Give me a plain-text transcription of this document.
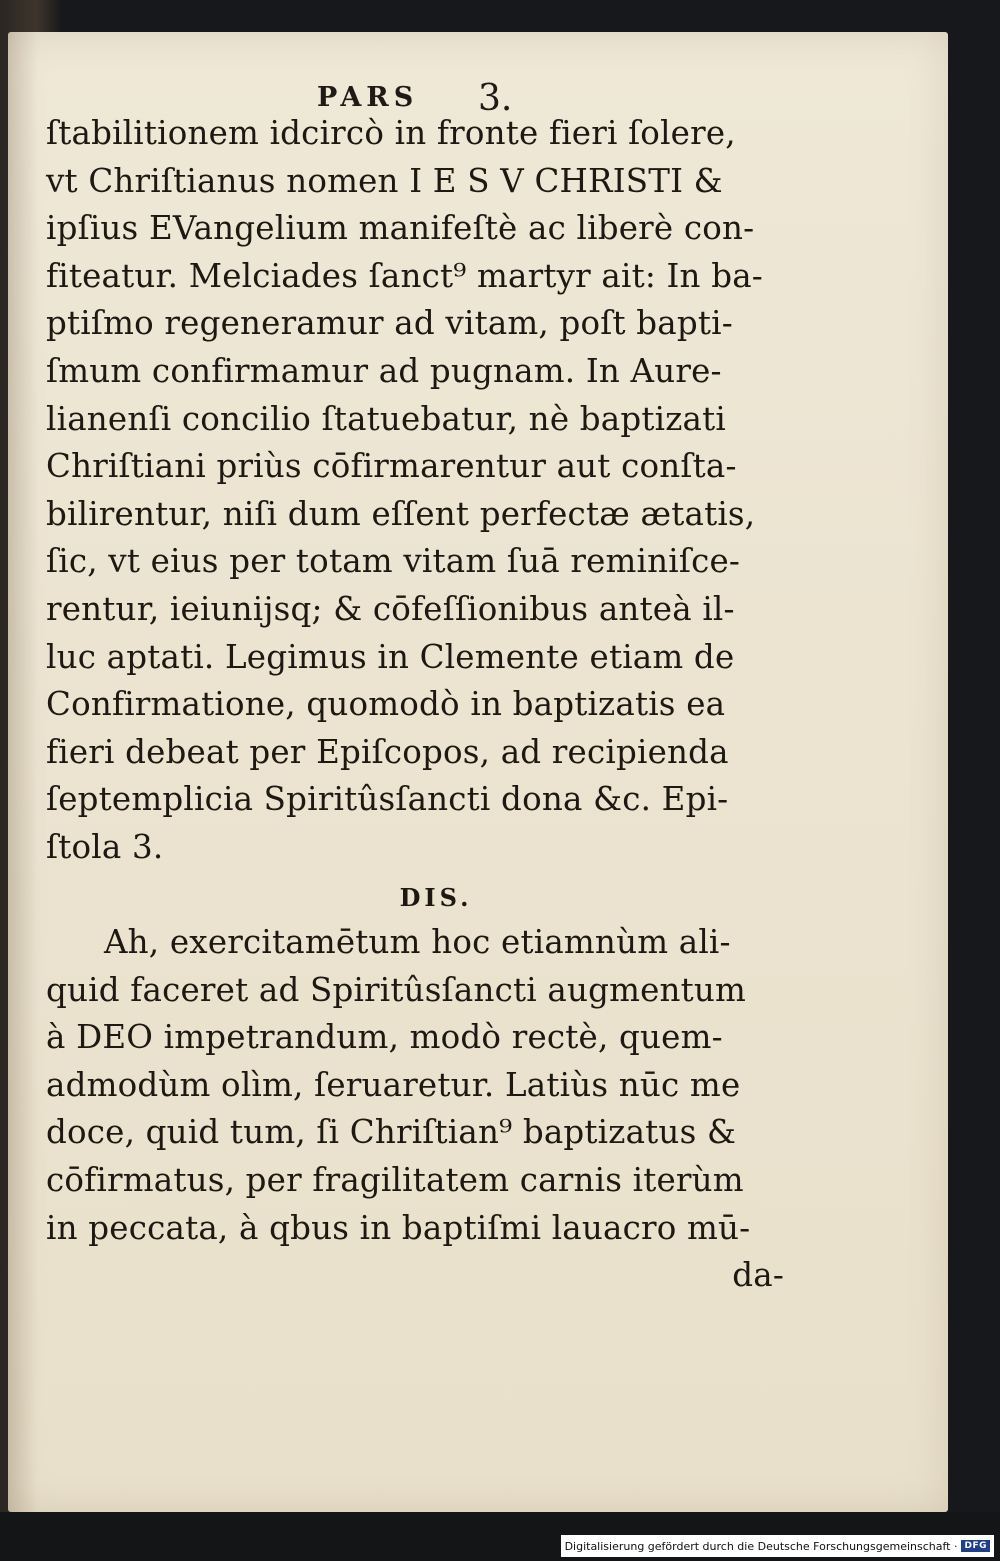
PARS 3.
ſtabilitionem idcircò in fronte fieri ſolere,
vt Chriſtianus nomen I E S V CHRISTI &
ipſius EVangelium manifeſtè ac liberè con-
fiteatur. Melciades ſanct⁹ martyr ait: In ba-
ptiſmo regeneramur ad vitam, poſt bapti-
ſmum confirmamur ad pugnam. In Aure-
lianenſi concilio ſtatuebatur, nè baptizati
Chriſtiani priùs cōfirmarentur aut conſta-
bilirentur, niſi dum eſſent perfectæ ætatis,
ſic, vt eius per totam vitam ſuā reminiſce-
rentur, ieiunijsq; & cōfeſſionibus anteà il-
luc aptati. Legimus in Clemente etiam de
Confirmatione, quomodò in baptizatis ea
fieri debeat per Epiſcopos, ad recipienda
ſeptemplicia Spiritûsſancti dona &c. Epi-
ſtola 3.
DIS.
Ah, exercitamētum hoc etiamnùm ali-
quid faceret ad Spiritûsſancti augmentum
à DEO impetrandum, modò rectè, quem-
admodùm olìm, ſeruaretur. Latiùs nūc me
doce, quid tum, ſi Chriſtian⁹ baptizatus &
cōfirmatus, per fragilitatem carnis iterùm
in peccata, à qbus in baptiſmi lauacro mū-
da-
Digitalisierung gefördert durch die Deutsche Forschungsgemeinschaft · DFG
